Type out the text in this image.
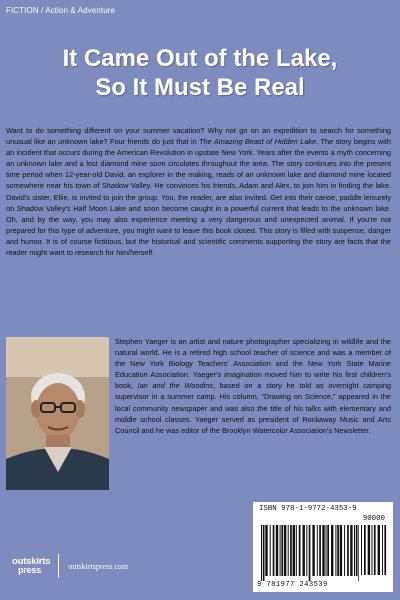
FICTION / Action & Adventure
It Came Out of the Lake,
So It Must Be Real
Want to do something different on your summer vacation? Why not go on an expedition to search for something unusual like an unknown lake? Four friends do just that in The Amazing Beast of Hidden Lake. The story begins with an incident that occurs during the American Revolution in upstate New York. Years after the events a myth concerning an unknown lake and a lost diamond mine soon circulates throughout the area. The story continues into the present time period when 12-year-old David, an explorer in the making, reads of an unknown lake and diamond mine located somewhere near his town of Shadow Valley. He convinces his friends, Adam and Alex, to join him in finding the lake. David's sister, Ellie, is invited to join the group. You, the reader, are also invited. Get into their canoe, paddle leisurely on Shadow Valley's Half Moon Lake and soon become caught in a powerful current that leads to the unknown lake. Oh, and by the way, you may also experience meeting a very dangerous and unexpected animal. If you're not prepared for this type of adventure, you might want to leave this book closed. This story is filled with suspense, danger and humor. It is of course fictitious, but the historical and scientific comments supporting the story are facts that the reader might want to research for him/herself.
Stephen Yaeger is an artist and nature photographer specializing in wildlife and the natural world. He is a retired high school teacher of science and was a member of the New York Biology Teachers' Association and the New York State Marine Education Association. Yaeger's imagination moved him to write his first children's book, Ian and the Woodins, based on a story he told as overnight camping supervisor in a summer camp. His column, “Drawing on Science,” appeared in the local community newspaper and was also the title of his talks with elementary and middle school classes. Yaeger served as president of Rockaway Music and Arts Council and he was editor of the Brooklyn Watercolor Association's Newsletter.
ISBN 978-1-9772-4353-9
90000
9 781977 243539
outskirts
press	outskirtspress.com
